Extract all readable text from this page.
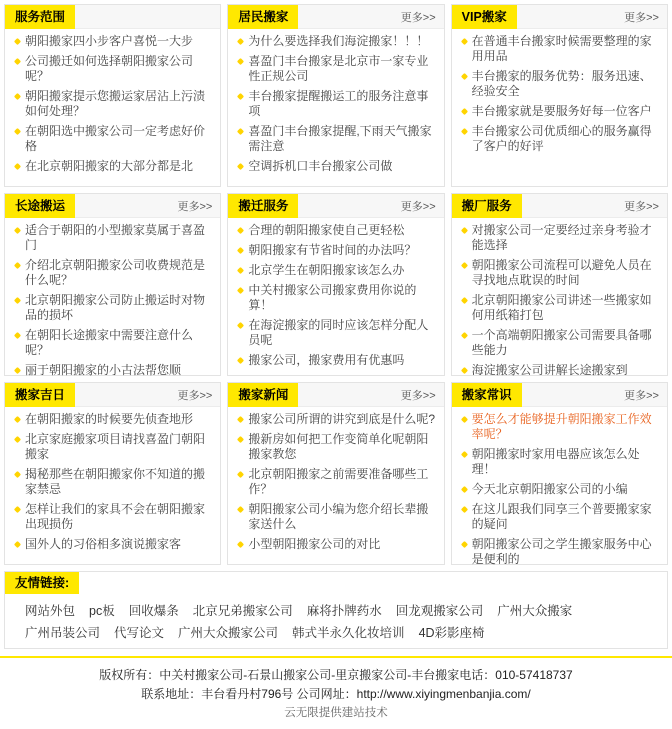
服务范围
朝阳搬家四小步客户喜悦一大步
公司搬迁如何选择朝阳搬家公司呢？
朝阳搬家提示您搬运家居沾上污渍如何处理？
在朝阳选中搬家公司一定考虑好价格
在北京朝阳搬家的大部分都是北
居民搬家	更多>>
为什么要选择我们海淀搬家！！！
喜盈门丰台搬家是北京市一家专业性正规公司
丰台搬家提醒搬运工的服务注意事项
喜盈门丰台搬家提醒,下雨天气搬家需注意
空调拆机口丰台搬家公司做
VIP搬家	更多>>
在普通丰台搬家时候需要整理的家用用品
丰台搬家的服务优势：服务迅速、经验安全
丰台搬家就是要服务好每一位客户
丰台搬家公司优质细心的服务赢得了客户的好评
长途搬运	更多>>
适合于朝阳的小型搬家莫属于喜盈门
介绍北京朝阳搬家公司收费规范是什么呢？
北京朝阳搬家公司防止搬运时对物品的损坏
在朝阳长途搬家中需要注意什么呢？
丽于朝阳搬家的小古法帮您顺
搬迁服务	更多>>
合理的朝阳搬家使自己更轻松
朝阳搬家有节省时间的办法吗？
北京学生在朝阳搬家该怎么办
中关村搬家公司搬家费用你说的算！
在海淀搬家的同时应该怎样分配人员呢
搬家公司，搬家费用有优惠吗
搬厂服务	更多>>
对搬家公司一定要经过亲身考验才能选择
朝阳搬家公司流程可以避免人员在寻找地点耽误的时间
北京朝阳搬家公司讲述一些搬家如何用纸箱打包
一个高端朝阳搬家公司需要具备哪些能力
海淀搬家公司讲解长途搬家到
搬家吉日	更多>>
在朝阳搬家的时候要先侦查地形
北京家庭搬家项目请找喜盈门朝阳搬家
揭秘那些在朝阳搬家你不知道的搬家禁忌
怎样让我们的家具不会在朝阳搬家出现损伤
国外人的习俗相多演说搬家客
搬家新闻	更多>>
搬家公司所谓的讲究到底是什么呢?
搬新房如何把工作变简单化呢朝阳搬家教您
北京朝阳搬家之前需要准备哪些工作？
朝阳搬家公司小编为您介绍长辈搬家送什么
小型朝阳搬家公司的对比
搬家常识	更多>>
要怎么才能够提升朝阳搬家工作效率呢？
朝阳搬家时家用电器应该怎么处理！
今天北京朝阳搬家公司的小编
在这儿跟我们同享三个普要搬家家的疑问
朝阳搬家公司之学生搬家服务中心是便利的
友情链接:
网站外包 pc板 回收爆条 北京兄弟搬家公司 麻将扑牌药水 回龙观搬家公司 广州大众搬家广州吊装公司 代写论文 广州大众搬家公司 韩式半永久化妆培训 4D彩影座椅
版权所有：中关村搬家公司-石景山搬家公司-里京搬家公司-丰台搬家电话：010-57418737
联系地址：丰台看丹村796号 公司网址：http://www.xiyingmenbanjia.com/
云无限提供建站技术
